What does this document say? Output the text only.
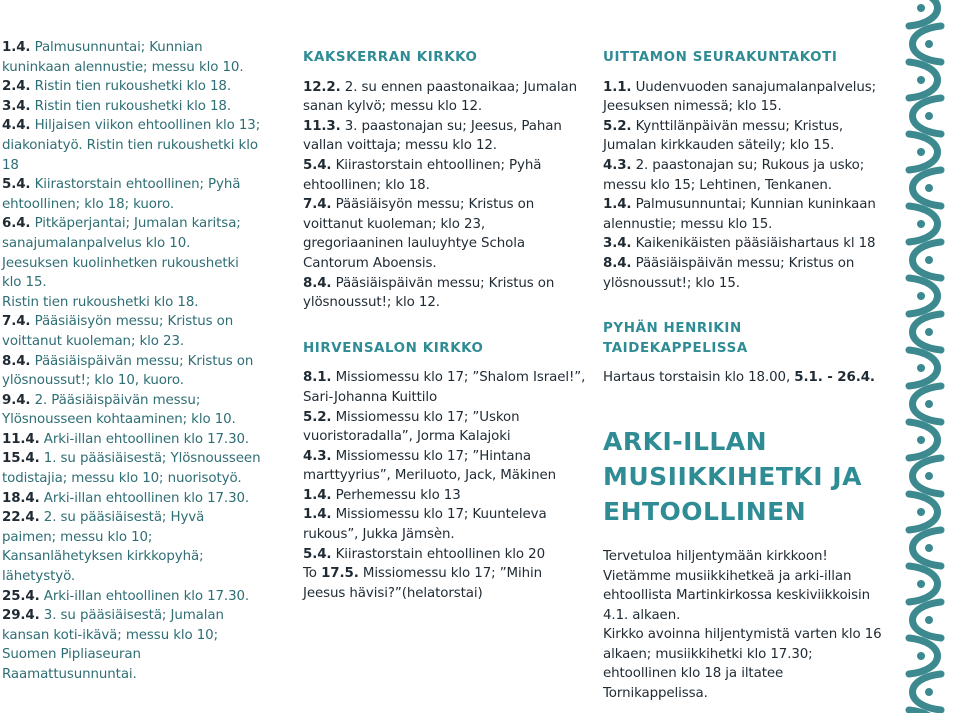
1.4. Palmusunnuntai; Kunnian kuninkaan alennustie; messu klo 10.

2.4. Ristin tien rukoushetki klo 18.

3.4. Ristin tien rukoushetki klo 18.

4.4. Hiljaisen viikon ehtoollinen klo 13; diakoniatyö. Ristin tien rukoushetki klo 18

5.4. Kiirastorstain ehtoollinen; Pyhä ehtoollinen; klo 18; kuoro.

6.4. Pitkäperjantai; Jumalan karitsa; sanajumalanpalvelus klo 10.

Jeesuksen kuolinhetken rukoushetki klo 15.

Ristin tien rukoushetki klo 18.

7.4. Pääsiäisyön messu; Kristus on voittanut kuoleman; klo 23.

8.4. Pääsiäispäivän messu; Kristus on ylösnoussut!; klo 10, kuoro.

9.4. 2. Pääsiäispäivän messu; Ylösnousseen kohtaaminen; klo 10.

11.4. Arki-illan ehtoollinen klo 17.30.

15.4. 1. su pääsiäisestä; Ylösnousseen todistajia; messu klo 10; nuorisotyö.

18.4. Arki-illan ehtoollinen klo 17.30.

22.4. 2. su pääsiäisestä; Hyvä paimen; messu klo 10; Kansanlähetyksen kirkkopyhä; lähetystyö.

25.4. Arki-illan ehtoollinen klo 17.30.

29.4. 3. su pääsiäisestä; Jumalan kansan koti-ikävä; messu klo 10; Suomen Pipliaseuran Raamattusunnuntai.

KAKSKERRAN KIRKKO

12.2. 2. su ennen paastonaikaa; Jumalan sanan kylvö; messu klo 12.

11.3. 3. paastonajan su; Jeesus, Pahan vallan voittaja; messu klo 12.

5.4. Kiirastorstain ehtoollinen; Pyhä ehtoollinen; klo 18.

7.4. Pääsiäisyön messu; Kristus on voittanut kuoleman; klo 23, gregoriaaninen lauluyhtye Schola Cantorum Aboensis.

8.4. Pääsiäispäivän messu; Kristus on ylösnoussut!; klo 12.

HIRVENSALON KIRKKO

8.1. Missiomessu klo 17; ”Shalom Israel!”, Sari-Johanna Kuittilo

5.2. Missiomessu klo 17; ”Uskon vuoristoradalla”, Jorma Kalajoki

4.3. Missiomessu klo 17; ”Hintana marttyyrius”, Meriluoto, Jack, Mäkinen

1.4. Perhemessu klo 13

1.4. Missiomessu klo 17; Kuunteleva rukous”, Jukka Jämsèn.

5.4. Kiirastorstain ehtoollinen klo 20

To 17.5. Missiomessu klo 17; ”Mihin Jeesus hävisi?”(helatorstai)

UITTAMON SEURAKUNTAKOTI

1.1. Uudenvuoden sanajumalanpalvelus; Jeesuksen nimessä; klo 15.

5.2. Kynttilänpäivän messu; Kristus, Jumalan kirkkauden säteily; klo 15.

4.3. 2. paastonajan su; Rukous ja usko; messu klo 15; Lehtinen, Tenkanen.

1.4. Palmusunnuntai; Kunnian kuninkaan alennustie; messu klo 15.

3.4. Kaikenikäisten pääsiäishartaus kl 18

8.4. Pääsiäispäivän messu; Kristus on ylösnoussut!; klo 15.

PYHÄN HENRIKIN TAIDEKAPPELISSA

Hartaus torstaisin klo 18.00, 5.1. - 26.4.

ARKI-ILLAN MUSIIKKIHETKI JA EHTOOLLINEN

Tervetuloa hiljentymään kirkkoon! Vietämme musiikkihetkeä ja arki-illan ehtoollista Martinkirkossa keskiviikkoisin 4.1. alkaen.

Kirkko avoinna hiljentymistä varten klo 16 alkaen; musiikkihetki klo 17.30; ehtoollinen klo 18 ja iltatee Tornikappelissa.
